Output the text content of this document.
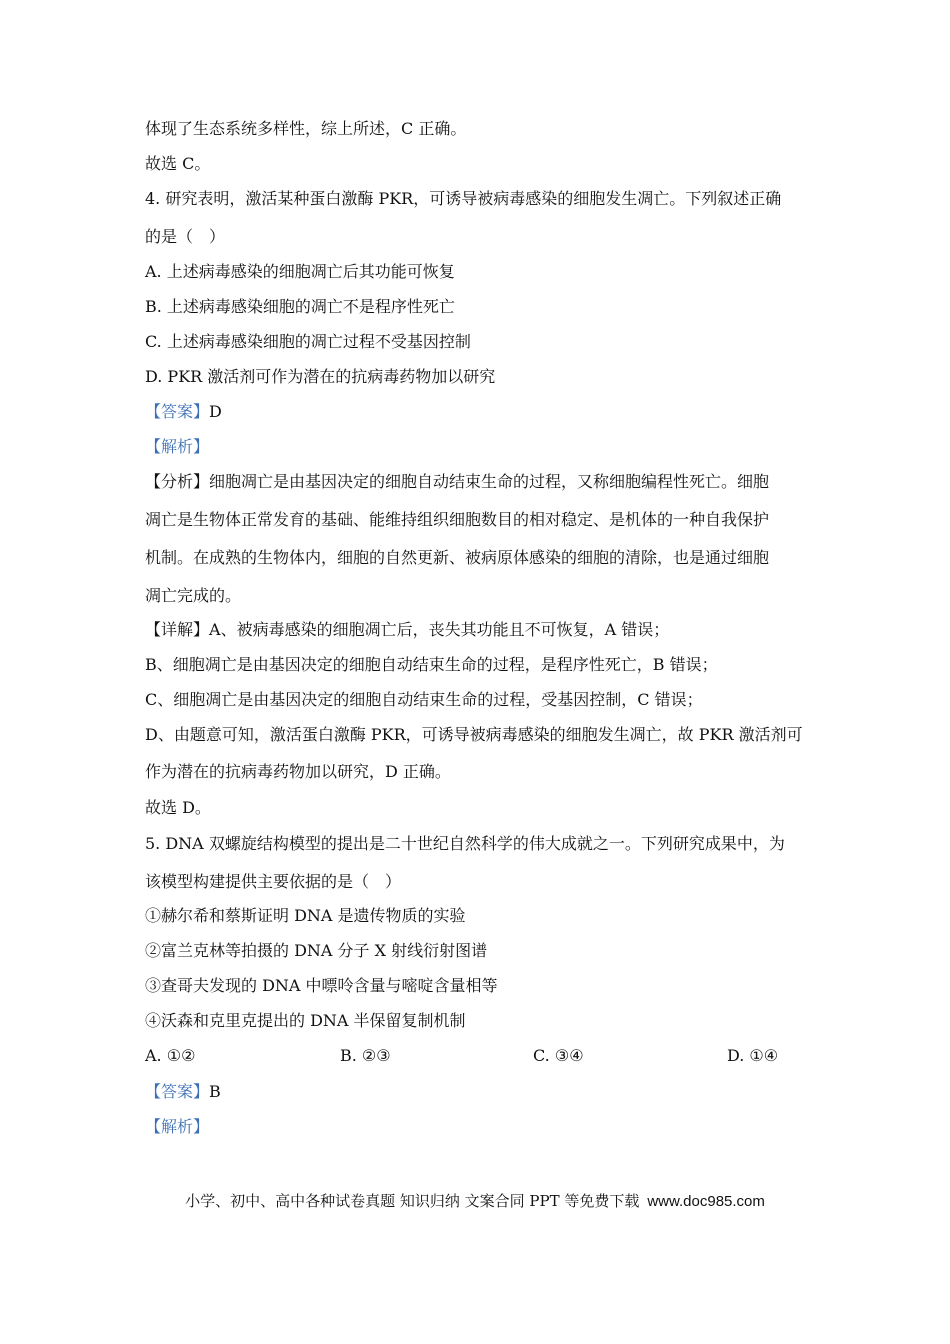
体现了生态系统多样性，综上所述，C 正确。
故选 C。
4. 研究表明，激活某种蛋白激酶 PKR，可诱导被病毒感染的细胞发生凋亡。下列叙述正确
的是（　）
A. 上述病毒感染的细胞凋亡后其功能可恢复
B. 上述病毒感染细胞的凋亡不是程序性死亡
C. 上述病毒感染细胞的凋亡过程不受基因控制
D. PKR 激活剂可作为潜在的抗病毒药物加以研究
【答案】D
【解析】
【分析】细胞凋亡是由基因决定的细胞自动结束生命的过程，又称细胞编程性死亡。细胞
凋亡是生物体正常发育的基础、能维持组织细胞数目的相对稳定、是机体的一种自我保护
机制。在成熟的生物体内，细胞的自然更新、被病原体感染的细胞的清除，也是通过细胞
凋亡完成的。
【详解】A、被病毒感染的细胞凋亡后，丧失其功能且不可恢复，A 错误；
B、细胞凋亡是由基因决定的细胞自动结束生命的过程，是程序性死亡，B 错误；
C、细胞凋亡是由基因决定的细胞自动结束生命的过程，受基因控制，C 错误；
D、由题意可知，激活蛋白激酶 PKR，可诱导被病毒感染的细胞发生凋亡，故 PKR 激活剂可
作为潜在的抗病毒药物加以研究，D 正确。
故选 D。
5. DNA 双螺旋结构模型的提出是二十世纪自然科学的伟大成就之一。下列研究成果中，为
该模型构建提供主要依据的是（　）
①赫尔希和蔡斯证明 DNA 是遗传物质的实验
②富兰克林等拍摄的 DNA 分子 X 射线衍射图谱
③查哥夫发现的 DNA 中嘌呤含量与嘧啶含量相等
④沃森和克里克提出的 DNA 半保留复制机制
A. ①②	B. ②③	C. ③④	D. ①④
【答案】B
【解析】
小学、初中、高中各种试卷真题 知识归纳 文案合同 PPT 等免费下载 www.doc985.com
